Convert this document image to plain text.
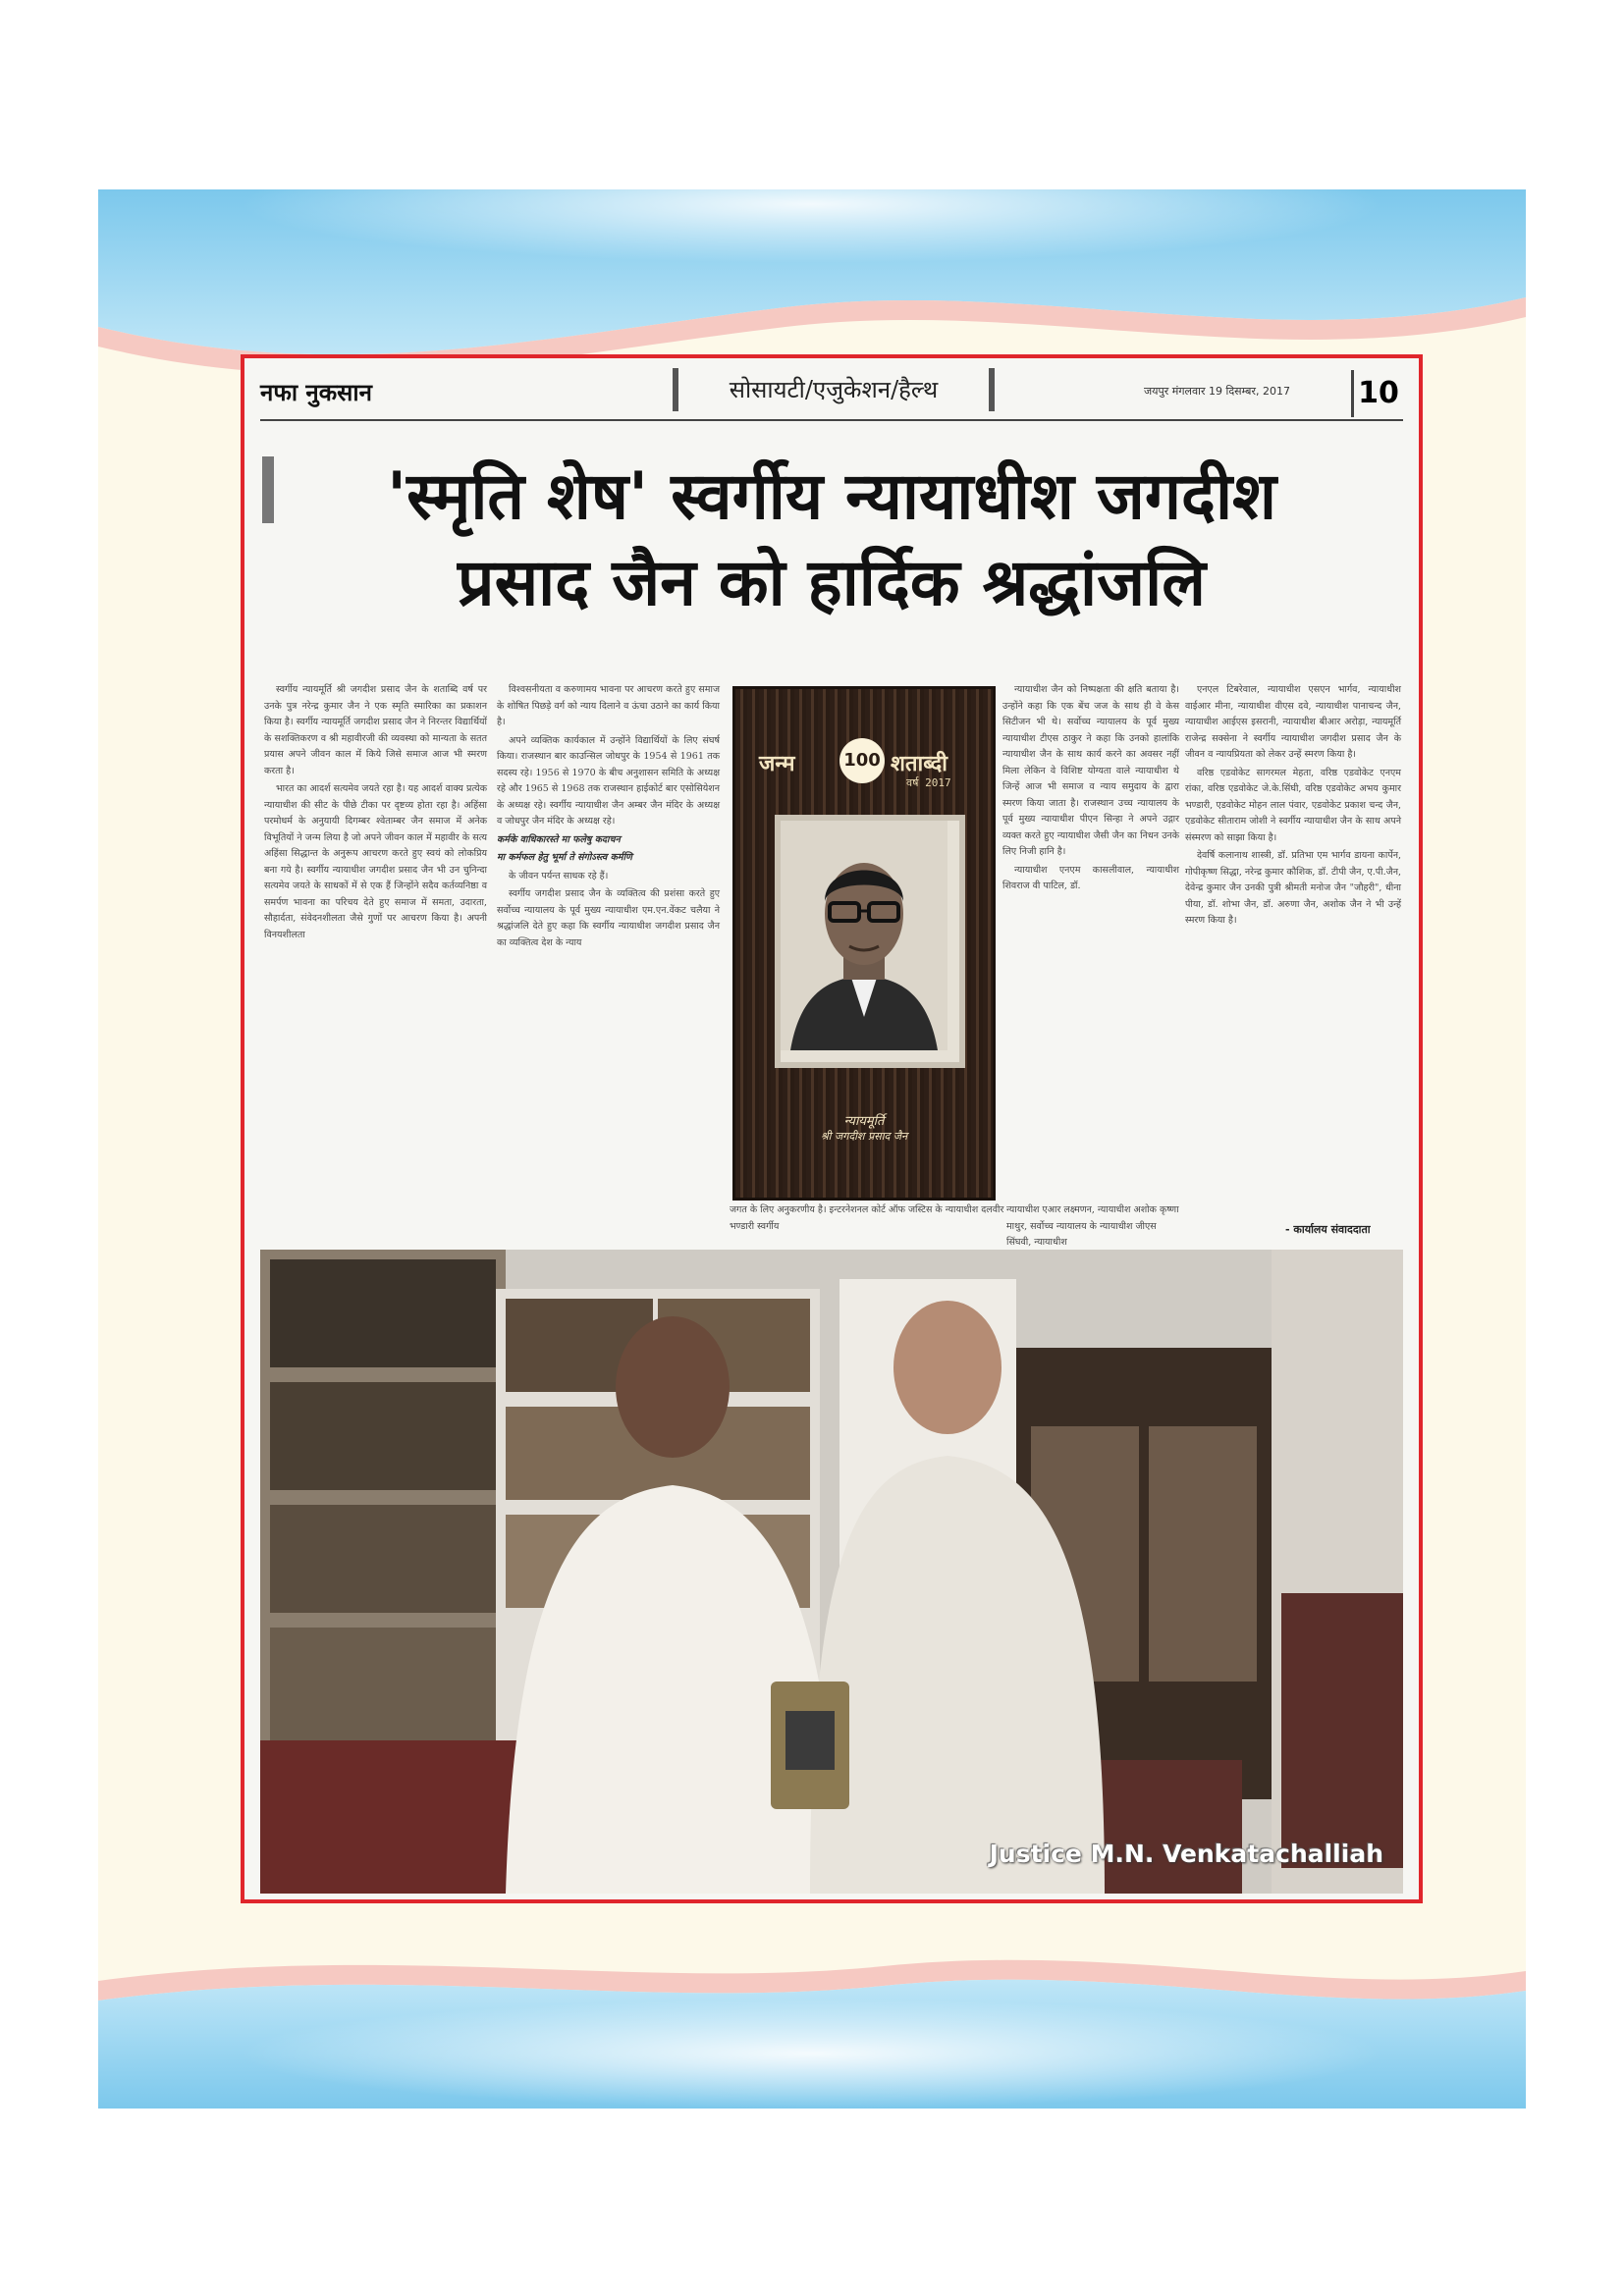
नफा नुकसान	सोसायटी/एजुकेशन/हैल्थ	जयपुर मंगलवार 19 दिसम्बर, 2017 10
'स्मृति शेष' स्वर्गीय न्यायाधीश जगदीश
प्रसाद जैन को हार्दिक श्रद्धांजलि

स्वर्गीय न्यायमूर्ति श्री जगदीश प्रसाद जैन के शताब्दि वर्ष पर उनके पुत्र नरेन्द्र कुमार जैन ने एक स्मृति स्मारिका का प्रकाशन किया है। स्वर्गीय न्यायमूर्ति जगदीश प्रसाद जैन ने निरन्तर विद्यार्थियों के सशक्तिकरण व श्री महावीरजी की व्यवस्था को मान्यता के सतत प्रयास अपने जीवन काल में किये जिसे समाज आज भी स्मरण करता है।

भारत का आदर्श सत्यमेव जयते रहा है। यह आदर्श वाक्य प्रत्येक न्यायाधीश की सीट के पीछे टीका पर दृष्टव्य होता रहा है। अहिंसा परमोधर्म के अनुयायी दिगम्बर श्वेताम्बर जैन समाज में अनेक विभूतियों ने जन्म लिया है जो अपने जीवन काल में महावीर के सत्य अहिंसा सिद्धान्त के अनुरूप आचरण करते हुए स्वयं को लोकप्रिय बना गये है। स्वर्गीय न्यायाधीश जगदीश प्रसाद जैन भी उन चुनिन्दा सत्यमेव जयते के साधकों में से एक हैं जिन्होंने सदैव कर्तव्यनिष्ठा व समर्पण भावना का परिचय देते हुए समाज में समता, उदारता, सौहार्दता, संवेदनशीलता जैसे गुणों पर आचरण किया है। अपनी विनयशीलता

विश्वसनीयता व करुणामय भावना पर आचरण करते हुए समाज के शोषित पिछड़े वर्ग को न्याय दिलाने व ऊंचा उठाने का कार्य किया है।

अपने व्यक्तिक कार्यकाल में उन्होंने विद्यार्थियों के लिए संघर्ष किया। राजस्थान बार काउन्सिल जोधपुर के 1954 से 1961 तक सदस्य रहे। 1956 से 1970 के बीच अनुशासन समिति के अध्यक्ष रहे और 1965 से 1968 तक राजस्थान हाईकोर्ट बार एसोसियेशन के अध्यक्ष रहे। स्वर्गीय न्यायाधीश जैन अम्बर जैन मंदिर के अध्यक्ष व जोधपुर जैन मंदिर के अध्यक्ष रहे।

कर्मके वाधिकारस्ते मा फलेषु कदाचन

मा कर्मफल हेतु भूर्मा ते संगोऽस्त्व कर्मणि

के जीवन पर्यन्त साधक रहे हैं।

स्वर्गीय जगदीश प्रसाद जैन के व्यक्तित्व की प्रशंसा करते हुए सर्वोच्च न्यायालय के पूर्व मुख्य न्यायाधीश एम.एन.वेंकट चलैया ने श्रद्धांजलि देते हुए कहा कि स्वर्गीय न्यायाधीश जगदीश प्रसाद जैन का व्यक्तित्व देश के न्याय

जन्म	100 शताब्दी
वर्ष 2017
न्यायमूर्ति
श्री जगदीश प्रसाद जैन
जगत के लिए अनुकरणीय है। इन्टरनेशनल कोर्ट ऑफ जस्टिस के न्यायाधीश दलवीर भण्डारी स्वर्गीय

न्यायाधीश जैन को निष्पक्षता की क्षति बताया है। उन्होंने कहा कि एक बेंच जज के साथ ही वे केस सिटीजन भी थे। सर्वोच्च न्यायालय के पूर्व मुख्य न्यायाधीश टीएस ठाकुर ने कहा कि उनको हालांकि न्यायाधीश जैन के साथ कार्य करने का अवसर नहीं मिला लेकिन वे विशिष्ट योग्यता वाले न्यायाधीश थे जिन्हें आज भी समाज व न्याय समुदाय के द्वारा स्मरण किया जाता है। राजस्थान उच्च न्यायालय के पूर्व मुख्य न्यायाधीश पीएन सिन्हा ने अपने उद्गार व्यक्त करते हुए न्यायाधीश जैसी जैन का निधन उनके लिए निजी हानि है।

न्यायाधीश एनएम कासलीवाल, न्यायाधीश शिवराज वी पाटिल, डॉ.

न्यायाधीश एआर लक्ष्मणन, न्यायाधीश अशोक कृष्णा माथुर, सर्वोच्च न्यायालय के न्यायाधीश जीएस सिंघवी, न्यायाधीश

एनएल टिबरेवाल, न्यायाधीश एसएन भार्गव, न्यायाधीश वाईआर मीना, न्यायाधीश वीएस दवे, न्यायाधीश पानाचन्द जैन, न्यायाधीश आईएस इसरानी, न्यायाधीश बीआर अरोड़ा, न्यायमूर्ति राजेन्द्र सक्सेना ने स्वर्गीय न्यायाधीश जगदीश प्रसाद जैन के जीवन व न्यायप्रियता को लेकर उन्हें स्मरण किया है।

वरिष्ठ एडवोकेट सागरमल मेहता, वरिष्ठ एडवोकेट एनएम रांका, वरिष्ठ एडवोकेट जे.के.सिंघी, वरिष्ठ एडवोकेट अभय कुमार भण्डारी, एडवोकेट मोहन लाल पंवार, एडवोकेट प्रकाश चन्द जैन, एडवोकेट सीताराम जोशी ने स्वर्गीय न्यायाधीश जैन के साथ अपने संस्मरण को साझा किया है।

देवर्षि कलानाथ शास्त्री, डॉ. प्रतिभा एम भार्गव डायना कार्पेन, गोपीकृष्ण सिद्धा, नरेन्द्र कुमार कौशिक, डॉ. टीपी जैन, ए.पी.जैन, देवेन्द्र कुमार जैन उनकी पुत्री श्रीमती मनोज जैन "जौहरी", धीना पीया, डॉ. शोभा जैन, डॉ. अरुणा जैन, अशोक जैन ने भी उन्हें स्मरण किया है।

- कार्यालय संवाददाता
Justice M.N. Venkatachalliah
